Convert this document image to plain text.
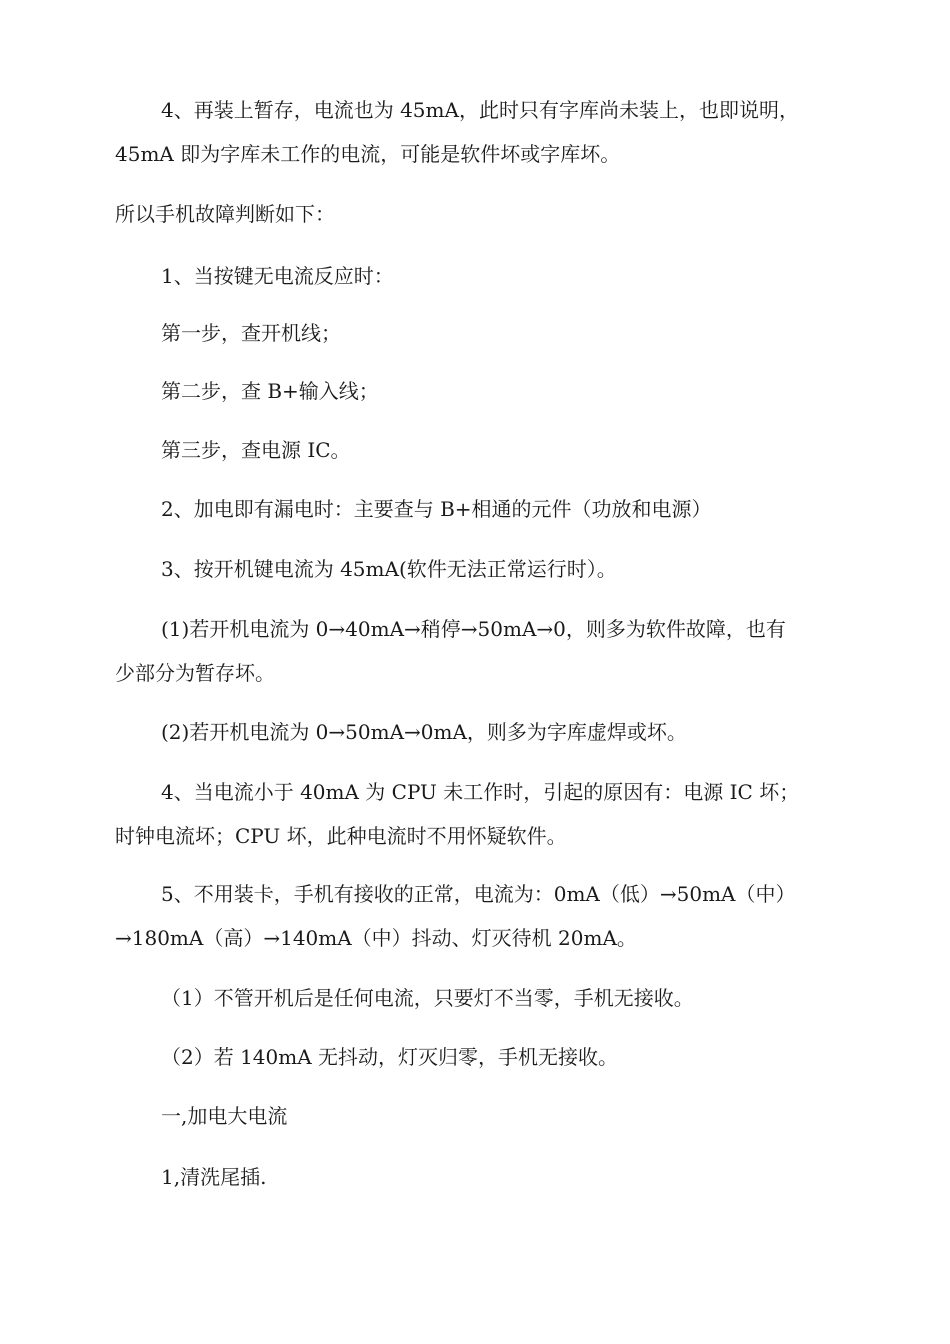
4、再装上暂存，电流也为 45mA，此时只有字库尚未装上，也即说明，
45mA 即为字库未工作的电流，可能是软件坏或字库坏。
所以手机故障判断如下：
1、当按键无电流反应时：
第一步，查开机线；
第二步，查 B+输入线；
第三步，查电源 IC。
2、加电即有漏电时：主要查与 B+相通的元件（功放和电源）
3、按开机键电流为 45mA(软件无法正常运行时）。
(1)若开机电流为 0→40mA→稍停→50mA→0，则多为软件故障，也有
少部分为暂存坏。
(2)若开机电流为 0→50mA→0mA，则多为字库虚焊或坏。
4、当电流小于 40mA 为 CPU 未工作时，引起的原因有：电源 IC 坏；
时钟电流坏；CPU 坏，此种电流时不用怀疑软件。
5、不用装卡，手机有接收的正常，电流为：0mA（低）→50mA（中）
→180mA（高）→140mA（中）抖动、灯灭待机 20mA。
（1）不管开机后是任何电流，只要灯不当零，手机无接收。
（2）若 140mA 无抖动，灯灭归零，手机无接收。
一,加电大电流
1,清洗尾插.
